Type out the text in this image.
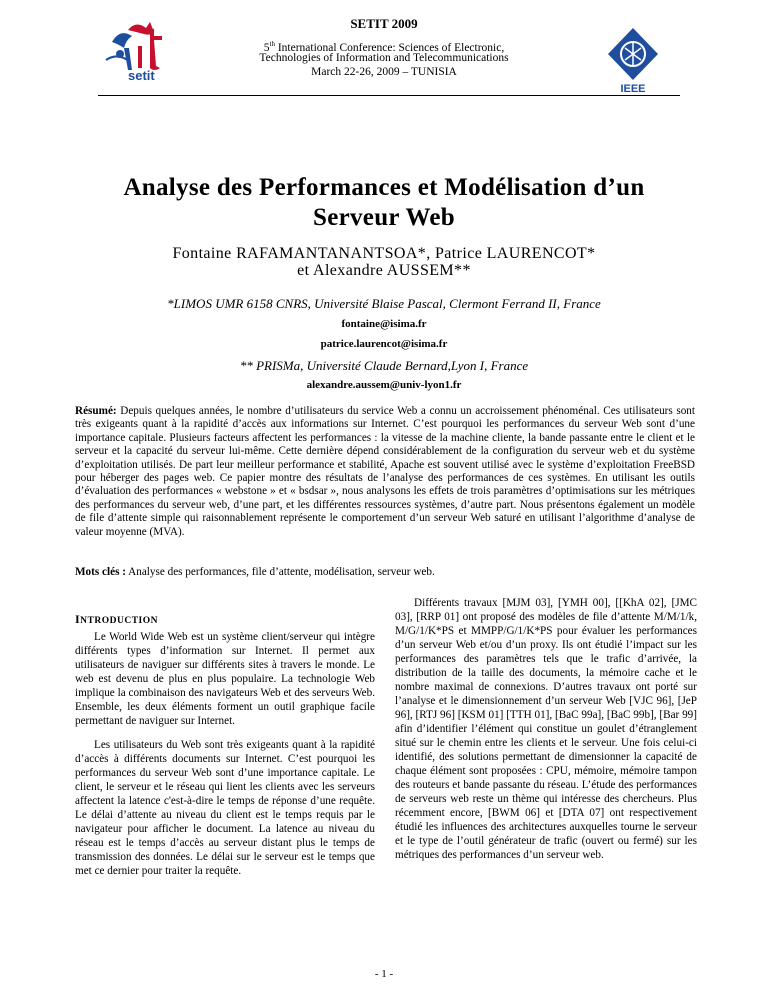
setit
SETIT 2009
5th International Conference: Sciences of Electronic,
Technologies of Information and Telecommunications
March 22-26, 2009 – TUNISIA
IEEE
Analyse des Performances et Modélisation d’un Serveur Web
Fontaine RAFAMANTANANTSOA*, Patrice LAURENCOT*
et Alexandre AUSSEM**
*LIMOS UMR 6158 CNRS, Université Blaise Pascal, Clermont Ferrand II, France
fontaine@isima.fr
patrice.laurencot@isima.fr
** PRISMa, Université Claude Bernard,Lyon I, France
alexandre.aussem@univ-lyon1.fr
Résumé: Depuis quelques années, le nombre d’utilisateurs du service Web a connu un accroissement phénoménal. Ces utilisateurs sont très exigeants quant à la rapidité d’accès aux informations sur Internet. C’est pourquoi les performances du serveur Web sont d’une importance capitale. Plusieurs facteurs affectent les performances : la vitesse de la machine cliente, la bande passante entre le client et le serveur et la capacité du serveur lui-même. Cette dernière dépend considérablement de la configuration du serveur web et du système d’exploitation utilisés. De part leur meilleur performance et stabilité, Apache est souvent utilisé avec le système d’exploitation FreeBSD pour héberger des pages web. Ce papier montre des résultats de l’analyse des performances de ces systèmes. En utilisant les outils d’évaluation des performances « webstone » et « bsdsar », nous analysons les effets de trois paramètres d’optimisations sur les métriques des performances du serveur web, d’une part, et les différentes ressources systèmes, d’autre part. Nous présentons également un modèle de file d’attente simple qui raisonnablement représente le comportement d’un serveur Web saturé en utilisant l’algorithme d’analyse de valeur moyenne (MVA).
Mots clés : Analyse des performances, file d’attente, modélisation, serveur web.
INTRODUCTION
Le World Wide Web est un système client/serveur qui intègre différents types d’information sur Internet. Il permet aux utilisateurs de naviguer sur différents sites à travers le monde. Le web est devenu de plus en plus populaire. La technologie Web implique la combinaison des navigateurs Web et des serveurs Web. Ensemble, les deux éléments forment un outil graphique facile permettant de naviguer sur Internet.
Les utilisateurs du Web sont très exigeants quant à la rapidité d’accès à différents documents sur Internet. C’est pourquoi les performances du serveur Web sont d’une importance capitale. Le client, le serveur et le réseau qui lient les clients avec les serveurs affectent la latence c'est-à-dire le temps de réponse d’une requête. Le délai d’attente au niveau du client est le temps requis par le navigateur pour afficher le document. La latence au niveau du réseau est le temps d’accès au serveur distant plus le temps de transmission des données. Le délai sur le serveur est le temps que met ce dernier pour traiter la requête.
Différents travaux [MJM 03], [YMH 00], [[KhA 02], [JMC 03], [RRP 01] ont proposé des modèles de file d’attente M/M/1/k, M/G/1/K*PS et MMPP/G/1/K*PS pour évaluer les performances d’un serveur Web et/ou d’un proxy. Ils ont étudié l’impact sur les performances des paramètres tels que le trafic d’arrivée, la distribution de la taille des documents, la mémoire cache et le nombre maximal de connexions. D’autres travaux ont porté sur l’analyse et le dimensionnement d’un serveur Web [VJC 96], [JeP 96], [RTJ 96] [KSM 01] [TTH 01], [BaC 99a], [BaC 99b], [Bar 99] afin d’identifier l’élément qui constitue un goulet d’étranglement situé sur le chemin entre les clients et le serveur. Une fois celui-ci identifié, des solutions permettant de dimensionner la capacité de chaque élément sont proposées : CPU, mémoire, mémoire tampon des routeurs et bande passante du réseau. L’étude des performances de serveurs web reste un thème qui intéresse des chercheurs. Plus récemment encore, [BWM 06] et [DTA 07] ont respectivement étudié les influences des architectures auxquelles tourne le serveur et le type de l’outil générateur de trafic (ouvert ou fermé) sur les métriques des performances d’un serveur web.
- 1 -
